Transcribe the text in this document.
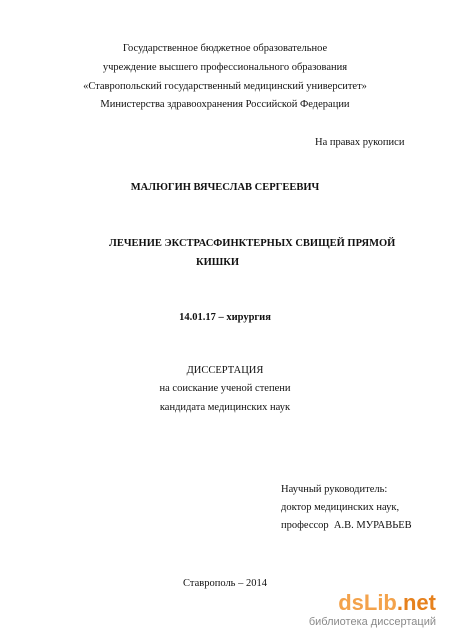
Государственное бюджетное образовательное
учреждение высшего профессионального образования
«Ставропольский государственный медицинский университет»
Министерства здравоохранения Российской Федерации
На правах рукописи
МАЛЮГИН ВЯЧЕСЛАВ СЕРГЕЕВИЧ
ЛЕЧЕНИЕ ЭКСТРАСФИНКТЕРНЫХ СВИЩЕЙ ПРЯМОЙ
КИШКИ
14.01.17 – хирургия
ДИССЕРТАЦИЯ
на соискание ученой степени
кандидата медицинских наук
Научный руководитель:
доктор медицинских наук,
профессор  А.В. МУРАВЬЕВ
Ставрополь – 2014
dsLib.net
библиотека диссертаций
